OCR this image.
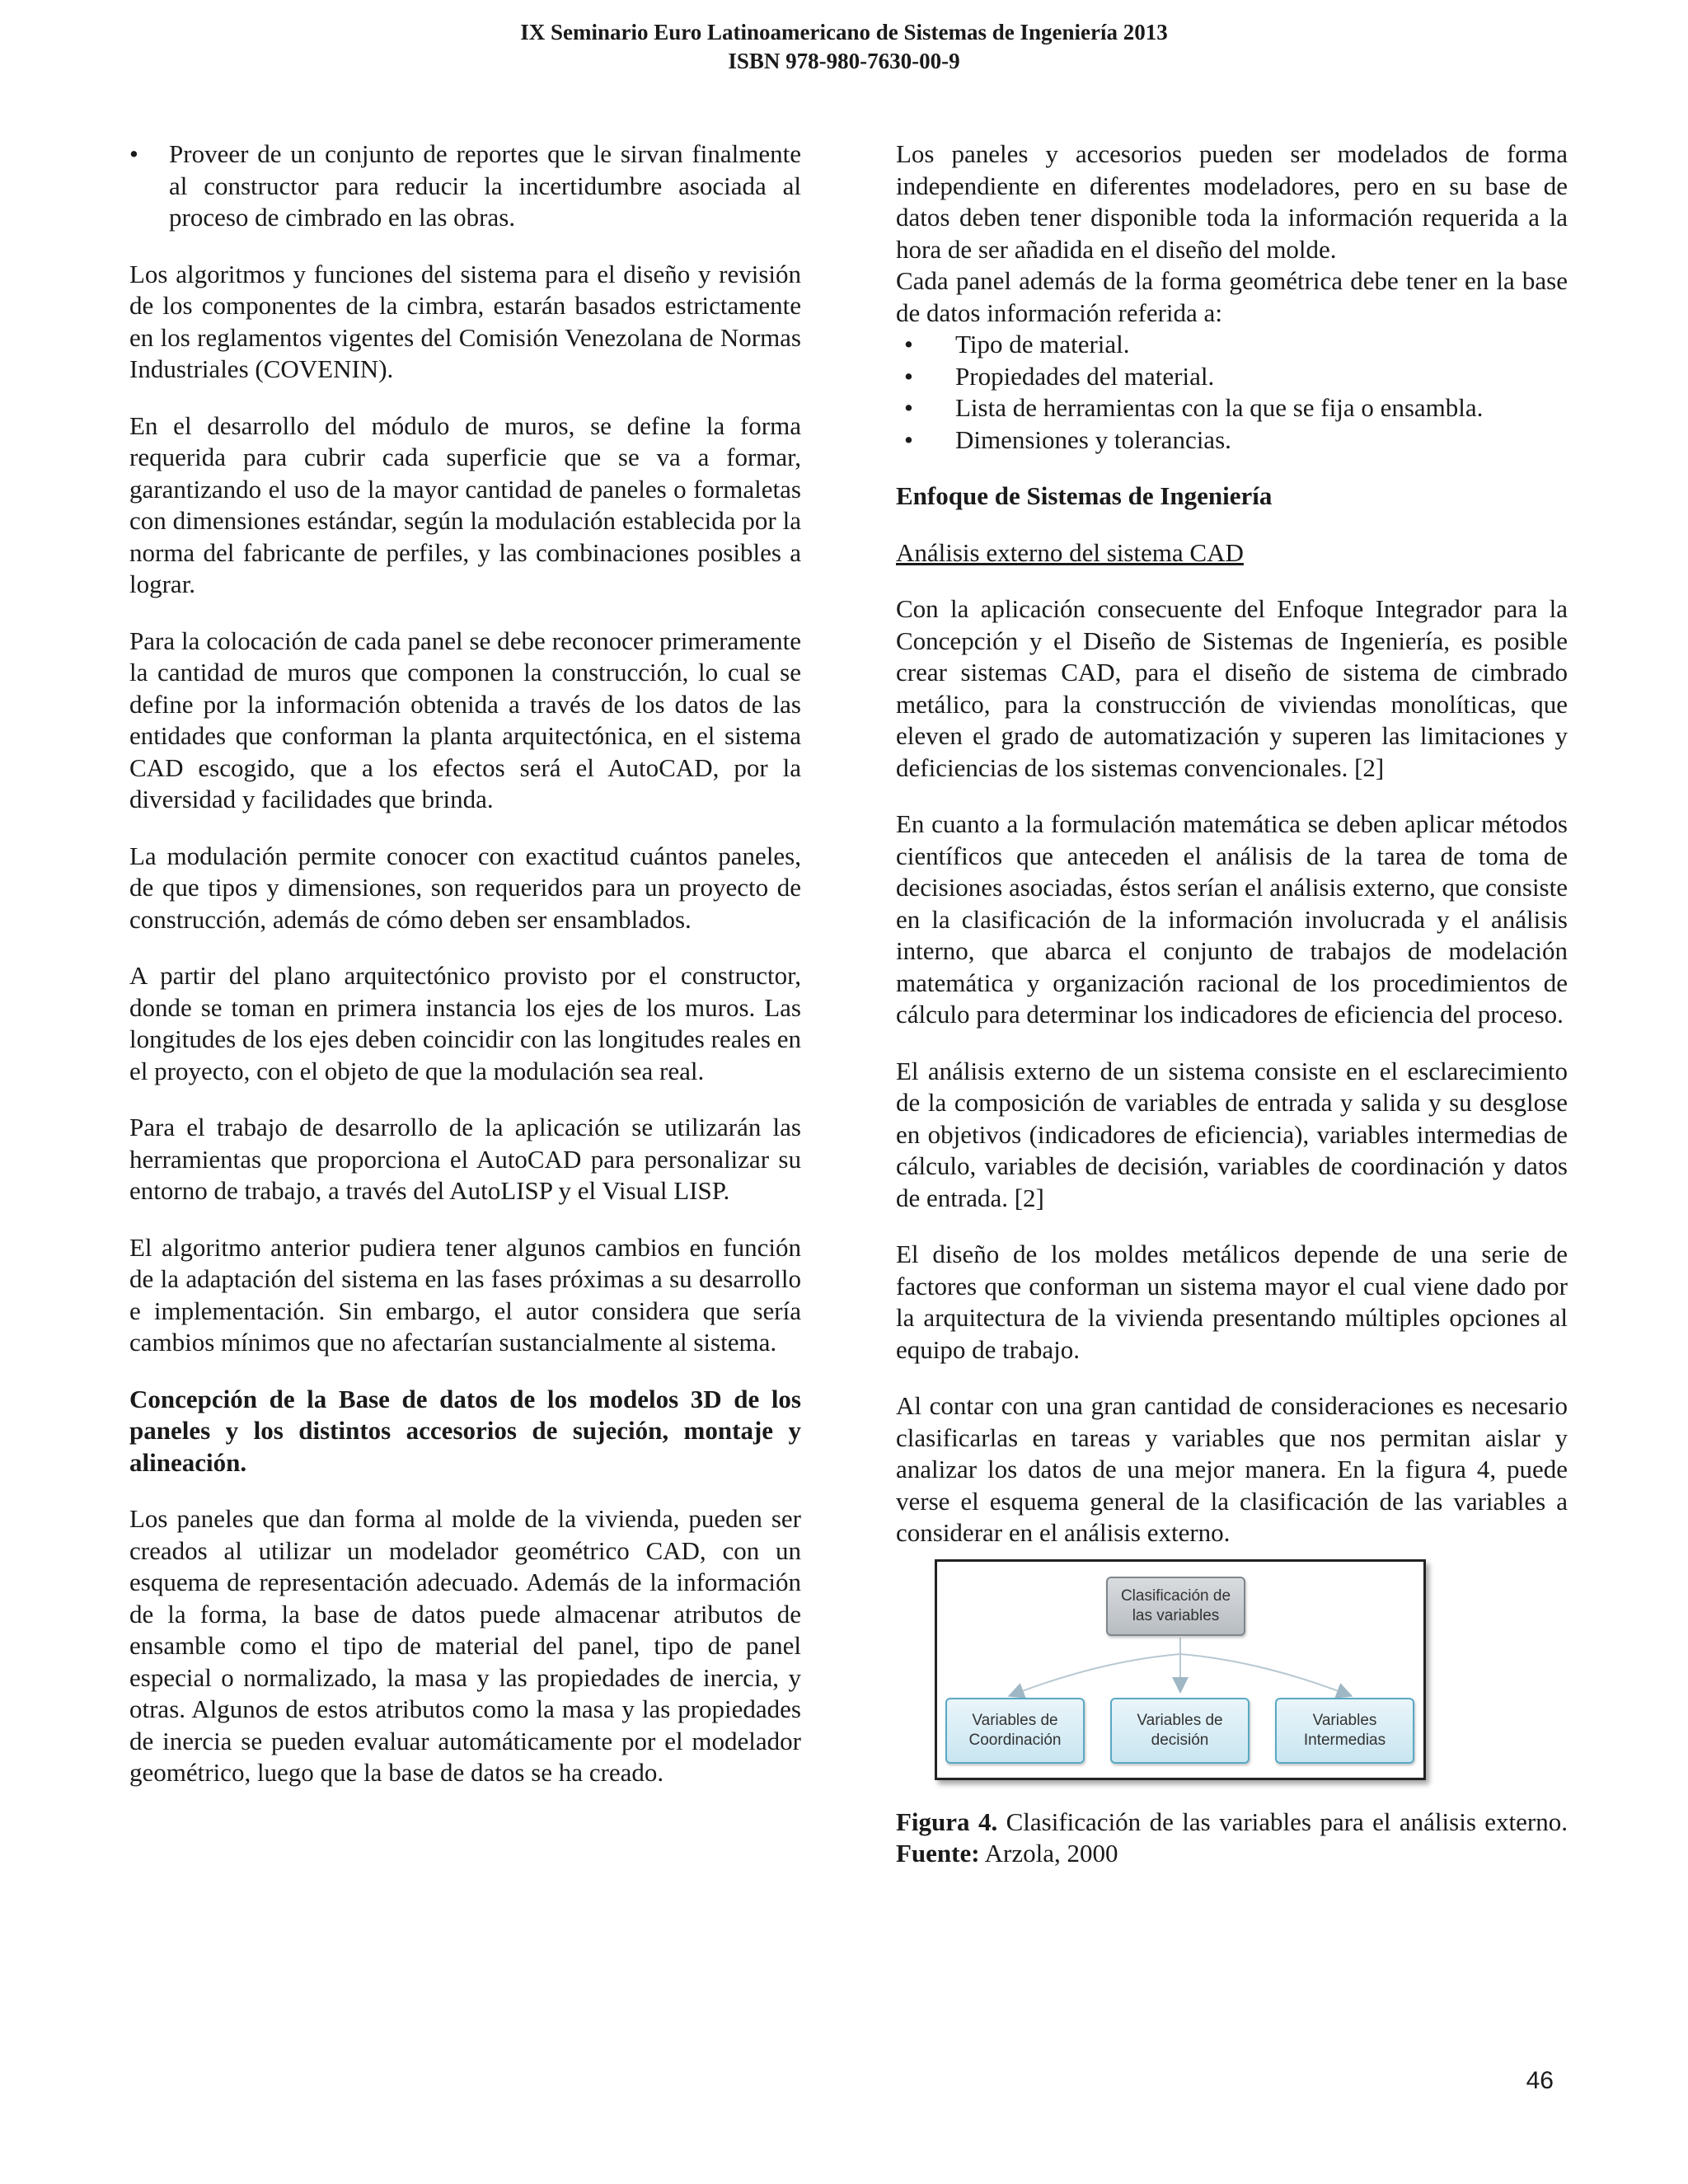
IX Seminario Euro Latinoamericano de Sistemas de Ingeniería 2013
ISBN 978-980-7630-00-9
• Proveer de un conjunto de reportes que le sirvan finalmente al constructor para reducir la incertidumbre asociada al proceso de cimbrado en las obras.

Los algoritmos y funciones del sistema para el diseño y revisión de los componentes de la cimbra, estarán basados estrictamente en los reglamentos vigentes del Comisión Venezolana de Normas Industriales (COVENIN).

En el desarrollo del módulo de muros, se define la forma requerida para cubrir cada superficie que se va a formar, garantizando el uso de la mayor cantidad de paneles o formaletas con dimensiones estándar, según la modulación establecida por la norma del fabricante de perfiles, y las combinaciones posibles a lograr.

Para la colocación de cada panel se debe reconocer primeramente la cantidad de muros que componen la construcción, lo cual se define por la información obtenida a través de los datos de las entidades que conforman la planta arquitectónica, en el sistema CAD escogido, que a los efectos será el AutoCAD, por la diversidad y facilidades que brinda.

La modulación permite conocer con exactitud cuántos paneles, de que tipos y dimensiones, son requeridos para un proyecto de construcción, además de cómo deben ser ensamblados.

A partir del plano arquitectónico provisto por el constructor, donde se toman en primera instancia los ejes de los muros. Las longitudes de los ejes deben coincidir con las longitudes reales en el proyecto, con el objeto de que la modulación sea real.

Para el trabajo de desarrollo de la aplicación se utilizarán las herramientas que proporciona el AutoCAD para personalizar su entorno de trabajo, a través del AutoLISP y el Visual LISP.

El algoritmo anterior pudiera tener algunos cambios en función de la adaptación del sistema en las fases próximas a su desarrollo e implementación. Sin embargo, el autor considera que sería cambios mínimos que no afectarían sustancialmente al sistema.

Concepción de la Base de datos de los modelos 3D de los paneles y los distintos accesorios de sujeción, montaje y alineación.

Los paneles que dan forma al molde de la vivienda, pueden ser creados al utilizar un modelador geométrico CAD, con un esquema de representación adecuado. Además de la información de la forma, la base de datos puede almacenar atributos de ensamble como el tipo de material del panel, tipo de panel especial o normalizado, la masa y las propiedades de inercia, y otras. Algunos de estos atributos como la masa y las propiedades de inercia se pueden evaluar automáticamente por el modelador geométrico, luego que la base de datos se ha creado.

Los paneles y accesorios pueden ser modelados de forma independiente en diferentes modeladores, pero en su base de datos deben tener disponible toda la información requerida a la hora de ser añadida en el diseño del molde.

Cada panel además de la forma geométrica debe tener en la base de datos información referida a:

• Tipo de material.
• Propiedades del material.
• Lista de herramientas con la que se fija o ensambla.
• Dimensiones y tolerancias.
Enfoque de Sistemas de Ingeniería

Análisis externo del sistema CAD

Con la aplicación consecuente del Enfoque Integrador para la Concepción y el Diseño de Sistemas de Ingeniería, es posible crear sistemas CAD, para el diseño de sistema de cimbrado metálico, para la construcción de viviendas monolíticas, que eleven el grado de automatización y superen las limitaciones y deficiencias de los sistemas convencionales. [2]

En cuanto a la formulación matemática se deben aplicar métodos científicos que anteceden el análisis de la tarea de toma de decisiones asociadas, éstos serían el análisis externo, que consiste en la clasificación de la información involucrada y el análisis interno, que abarca el conjunto de trabajos de modelación matemática y organización racional de los procedimientos de cálculo para determinar los indicadores de eficiencia del proceso.

El análisis externo de un sistema consiste en el esclarecimiento de la composición de variables de entrada y salida y su desglose en objetivos (indicadores de eficiencia), variables intermedias de cálculo, variables de decisión, variables de coordinación y datos de entrada. [2]

El diseño de los moldes metálicos depende de una serie de factores que conforman un sistema mayor el cual viene dado por la arquitectura de la vivienda presentando múltiples opciones al equipo de trabajo.

Al contar con una gran cantidad de consideraciones es necesario clasificarlas en tareas y variables que nos permitan aislar y analizar los datos de una mejor manera. En la figura 4, puede verse el esquema general de la clasificación de las variables a considerar en el análisis externo.

Clasificación de
las variables
Variables de
Coordinación
Variables de
decisión
Variables
Intermedias

Figura 4. Clasificación de las variables para el análisis externo. Fuente: Arzola, 2000

46
